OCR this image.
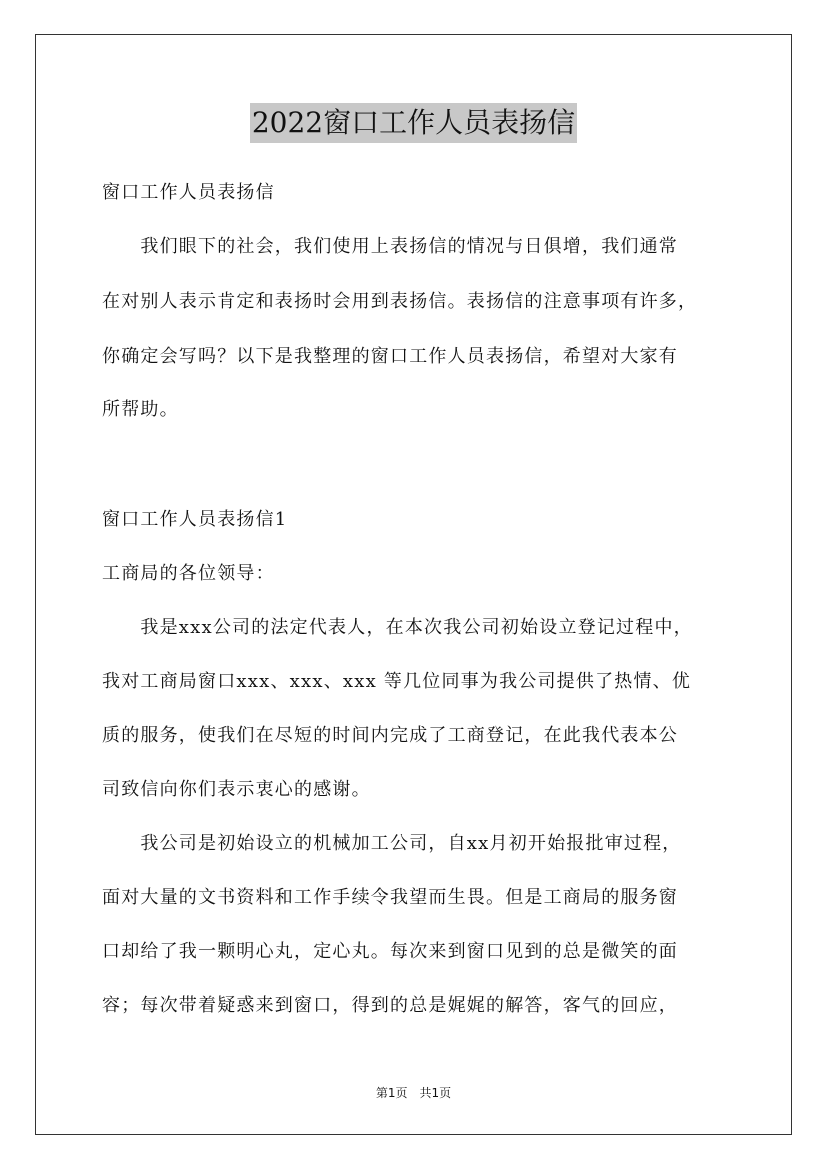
2022窗口工作人员表扬信
窗口工作人员表扬信
　　我们眼下的社会，我们使用上表扬信的情况与日俱增，我们通常
在对别人表示肯定和表扬时会用到表扬信。表扬信的注意事项有许多，
你确定会写吗？以下是我整理的窗口工作人员表扬信，希望对大家有
所帮助。
窗口工作人员表扬信1
工商局的各位领导：
　　我是xxx公司的法定代表人，在本次我公司初始设立登记过程中，
我对工商局窗口xxx、xxx、xxx 等几位同事为我公司提供了热情、优
质的服务，使我们在尽短的时间内完成了工商登记，在此我代表本公
司致信向你们表示衷心的感谢。
　　我公司是初始设立的机械加工公司，自xx月初开始报批审过程，
面对大量的文书资料和工作手续令我望而生畏。但是工商局的服务窗
口却给了我一颗明心丸，定心丸。每次来到窗口见到的总是微笑的面
容；每次带着疑惑来到窗口，得到的总是娓娓的解答，客气的回应，
第1页　共1页
